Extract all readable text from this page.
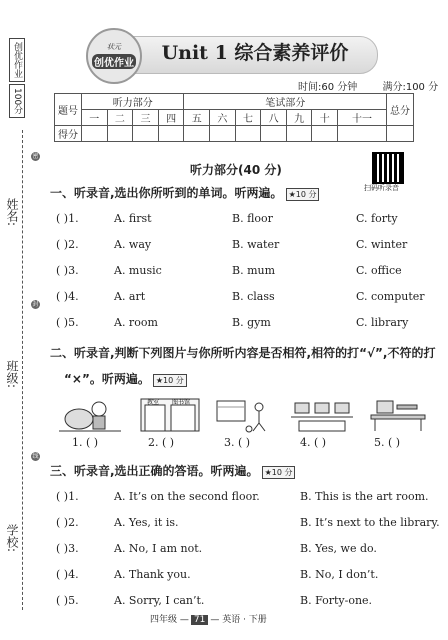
创优作业
100分
密
封
线
姓名:
班级:
学校:
状元
创优作业	Unit 1 综合素养评价
时间:60 分钟	满分:100 分
题号	听力部分				笔试部分							总分
	一	二	三	四	五	六	七	八	九	十	十一	
得分												
听力部分(40 分)
扫码听录音
一、听录音,选出你所听到的单词。听两遍。 ★10 分
( )1.	A. first	B. floor	C. forty
( )2.	A. way	B. water	C. winter
( )3.	A. music	B. mum	C. office
( )4.	A. art	B. class	C. computer
( )5.	A. room	B. gym	C. library
二、听录音,判断下列图片与你所听内容是否相符,相符的打“√”,不符的打
“×”。听两遍。 ★10 分
教室 图书馆
1. ( )	2. ( )	3. ( )	4. ( )	5. ( )
三、听录音,选出正确的答语。听两遍。 ★10 分
( )1.	A. It’s on the second floor.	B. This is the art room.
( )2.	A. Yes, it is.	B. It’s next to the library.
( )3.	A. No, I am not.	B. Yes, we do.
( )4.	A. Thank you.	B. No, I don’t.
( )5.	A. Sorry, I can’t.	B. Forty-one.
四年级 — 71 — 英语 · 下册
